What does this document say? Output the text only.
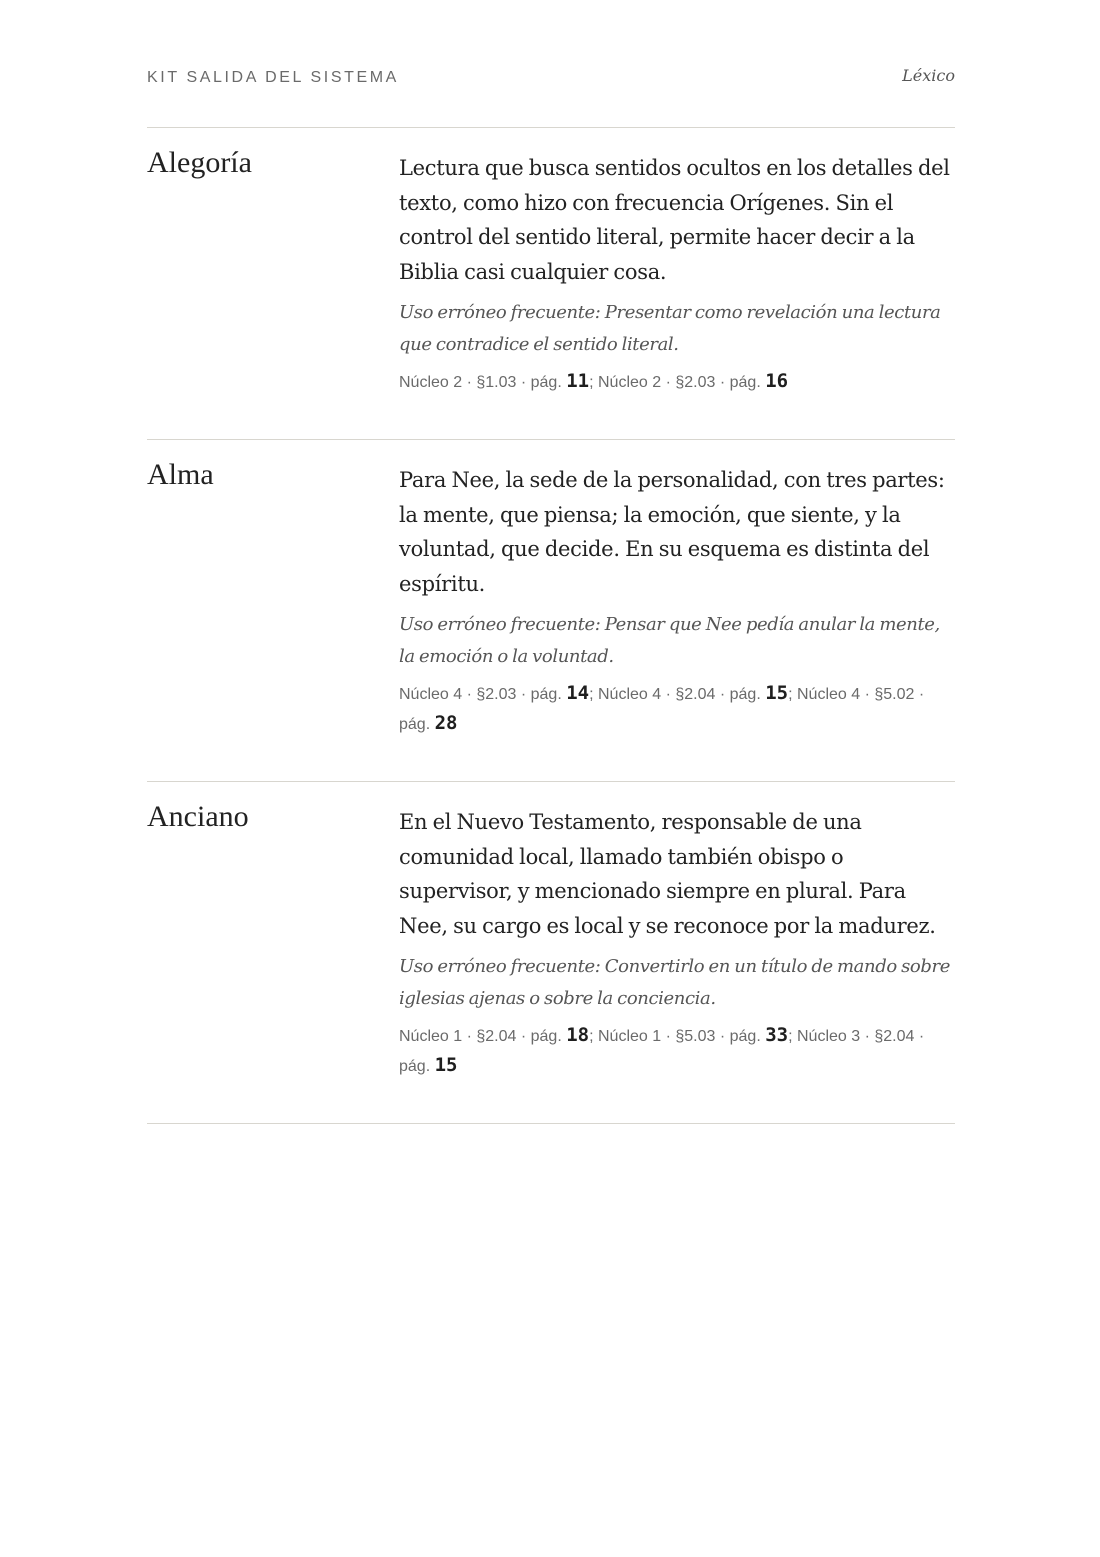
KIT SALIDA DEL SISTEMA	Léxico
Alegoría	Lectura que busca sentidos ocultos en los detalles del texto, como hizo con frecuencia Orígenes. Sin el control del sentido literal, permite hacer decir a la Biblia casi cualquier cosa.
Uso erróneo frecuente: Presentar como revelación una lectura que contradice el sentido literal.
Núcleo 2 · §1.03 · pág. 11; Núcleo 2 · §2.03 · pág. 16
Alma	Para Nee, la sede de la personalidad, con tres partes: la mente, que piensa; la emoción, que siente, y la voluntad, que decide. En su esquema es distinta del espíritu.
Uso erróneo frecuente: Pensar que Nee pedía anular la mente, la emoción o la voluntad.
Núcleo 4 · §2.03 · pág. 14; Núcleo 4 · §2.04 · pág. 15; Núcleo 4 · §5.02 · pág. 28
Anciano	En el Nuevo Testamento, responsable de una comunidad local, llamado también obispo o supervisor, y mencionado siempre en plural. Para Nee, su cargo es local y se reconoce por la madurez.
Uso erróneo frecuente: Convertirlo en un título de mando sobre iglesias ajenas o sobre la conciencia.
Núcleo 1 · §2.04 · pág. 18; Núcleo 1 · §5.03 · pág. 33; Núcleo 3 · §2.04 · pág. 15
